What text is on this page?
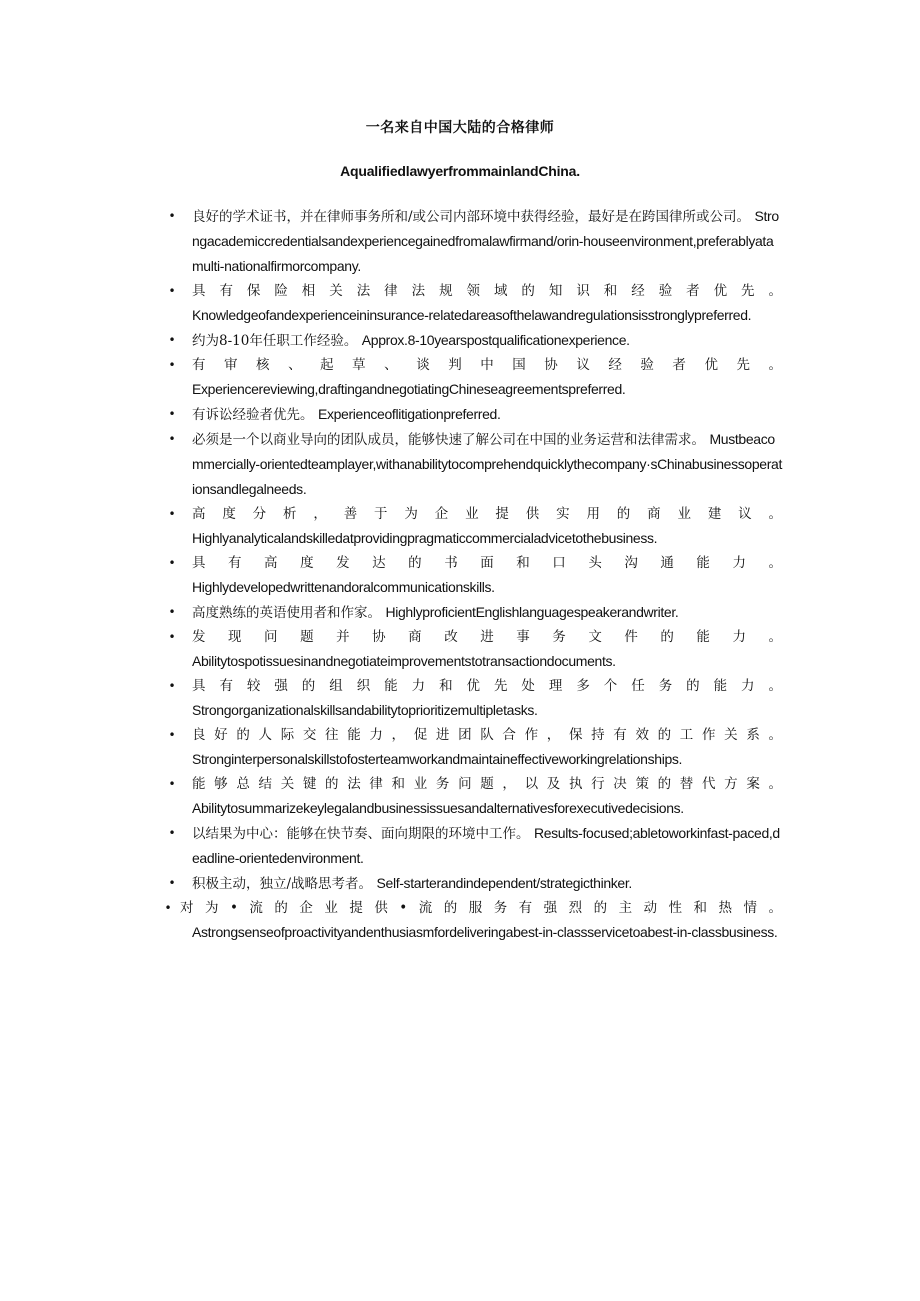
一名来自中国大陆的合格律师
AqualifiedlawyerfrommainlandChina.
• 良好的学术证书，并在律师事务所和/或公司内部环境中获得经验，最好是在跨国律所或公司。 Strongacademiccredentialsandexperiencegainedfromalawfirmand/orin-houseenvironment,preferablyatamulti-nationalfirmorcompany.
• 具有保险相关法律法规领域的知识和经验者优先。
Knowledgeofandexperienceininsurance-relatedareasofthelawandregulationsisstronglypreferred.
• 约为8-10年任职工作经验。 Approx.8-10yearspostqualificationexperience.
• 有审核、起草、谈判中国协议经验者优先。
Experiencereviewing,draftingandnegotiatingChineseagreementspreferred.
• 有诉讼经验者优先。 Experienceoflitigationpreferred.
• 必须是一个以商业导向的团队成员，能够快速了解公司在中国的业务运营和法律需求。 Mustbeacommercially-orientedteamplayer,withanabilitytocomprehendquicklythecompany·sChinabusinessoperationsandlegalneeds.
• 高度分析，善于为企业提供实用的商业建议。
Highlyanalyticalandskilledatprovidingpragmaticcommercialadvicetothebusiness.
• 具有高度发达的书面和口头沟通能力。
Highlydevelopedwrittenandoralcommunicationskills.
• 高度熟练的英语使用者和作家。 HighlyproficientEnglishlanguagespeakerandwriter.
• 发现问题并协商改进事务文件的能力。
Abilitytospotissuesinandnegotiateimprovementstotransactiondocuments.
• 具有较强的组织能力和优先处理多个任务的能力。
Strongorganizationalskillsandabilitytoprioritizemultipletasks.
• 良好的人际交往能力，促进团队合作，保持有效的工作关系。
Stronginterpersonalskillstofosterteamworkandmaintaineffectiveworkingrelationships.
• 能够总结关键的法律和业务问题，以及执行决策的替代方案。
Abilitytosummarizekeylegalandbusinessissuesandalternativesforexecutivedecisions.
• 以结果为中心：能够在快节奏、面向期限的环境中工作。 Results-focused;abletoworkinfast-paced,deadline-orientedenvironment.
• 积极主动，独立/战略思考者。 Self-starterandindependent/strategicthinker.
• 对为•流的企业提供•流的服务有强烈的主动性和热情。
Astrongsenseofproactivityandenthusiasmfordeliveringabest-in-classservicetoabest-in-classbusiness.
